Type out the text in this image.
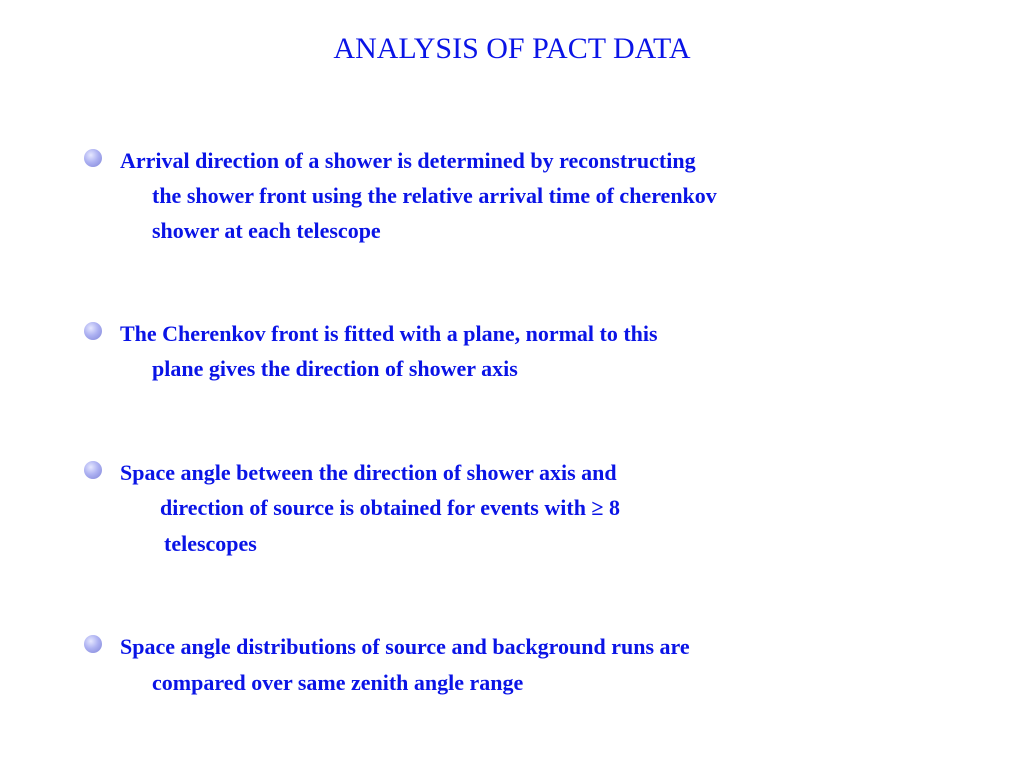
ANALYSIS OF PACT DATA
Arrival direction of a shower is determined by reconstructing
the shower front using the relative arrival time of cherenkov
shower at each telescope
The Cherenkov front is fitted with a plane, normal to this
plane gives the direction of shower axis
Space angle between the direction of shower axis and
direction of source is obtained for events with ≥ 8
telescopes
Space angle distributions of source and background runs are
compared over same zenith angle range
